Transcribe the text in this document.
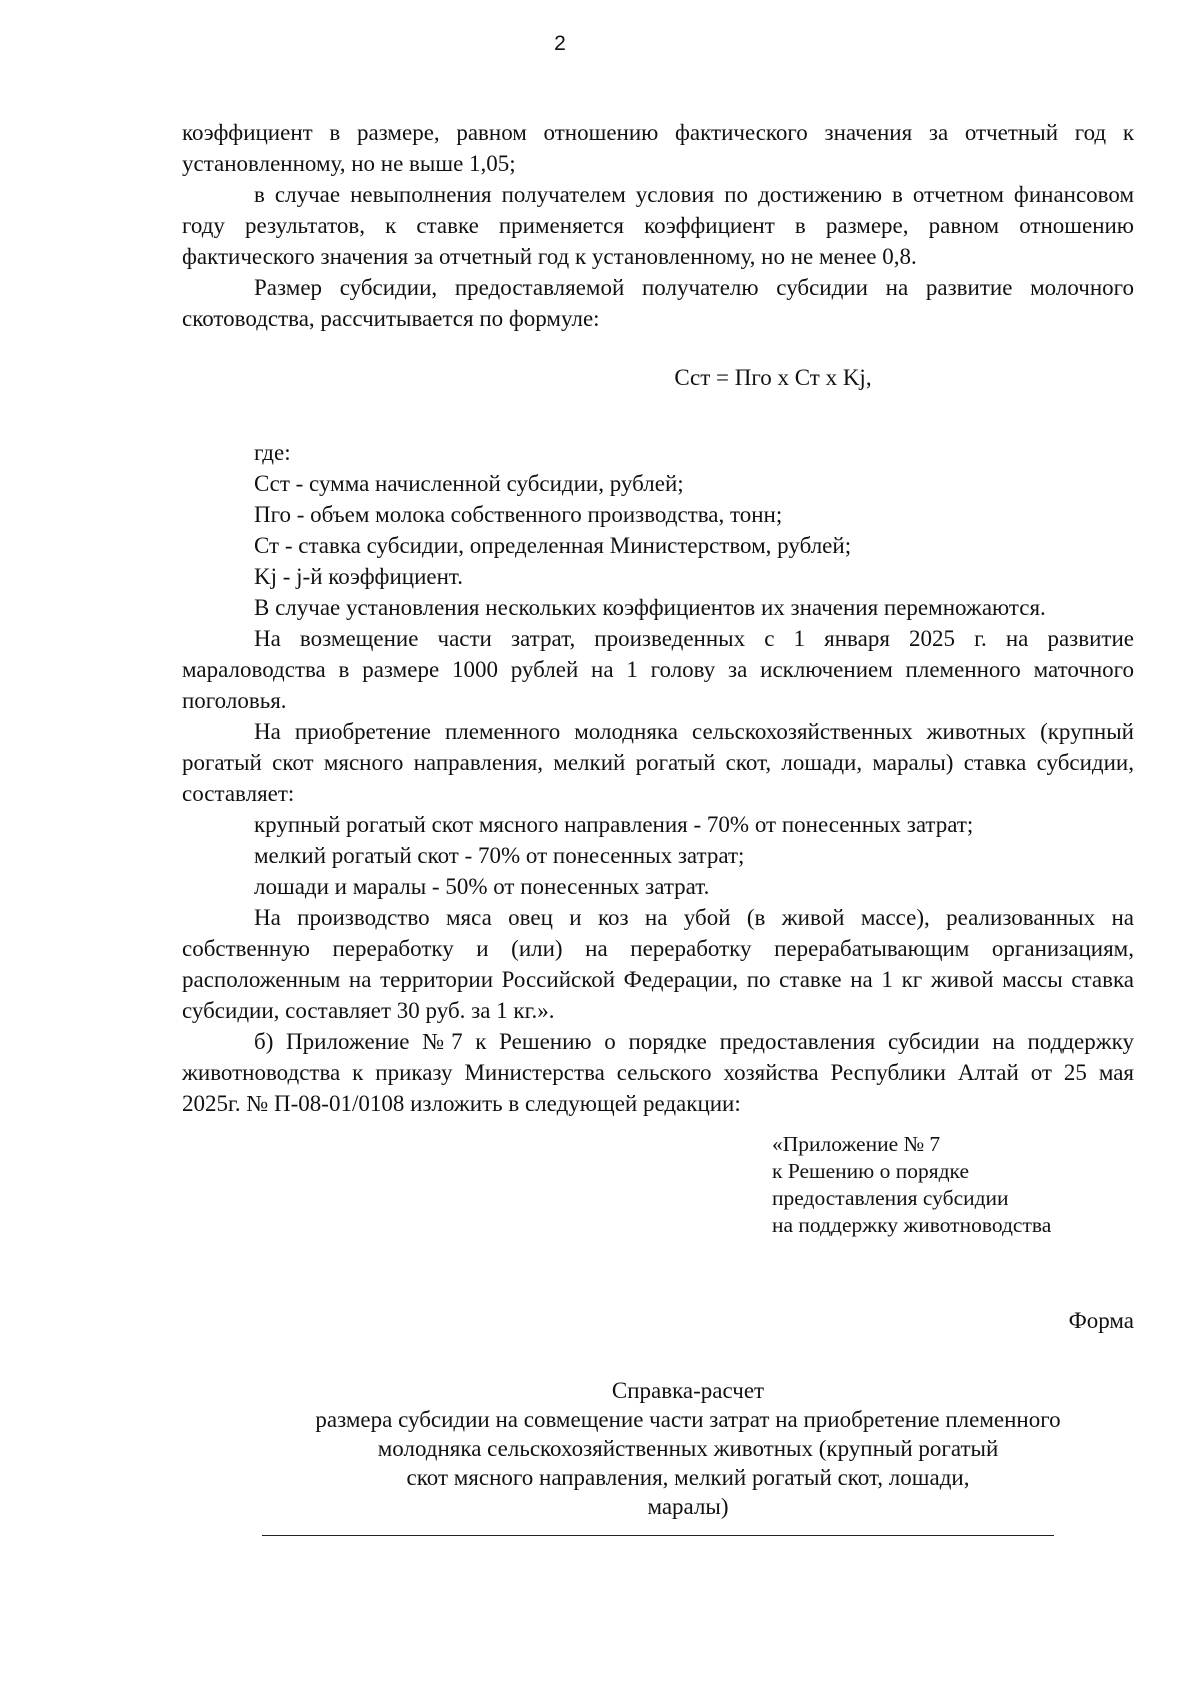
2

коэффициент в размере, равном отношению фактического значения за отчетный год к установленному, но не выше 1,05;

в случае невыполнения получателем условия по достижению в отчетном финансовом году результатов, к ставке применяется коэффициент в размере, равном отношению фактического значения за отчетный год к установленному, но не менее 0,8.

Размер субсидии, предоставляемой получателю субсидии на развитие молочного скотоводства, рассчитывается по формуле:

Сст = Пго х Ст х Kj,

где:

Сст - сумма начисленной субсидии, рублей;

Пго - объем молока собственного производства, тонн;

Ст - ставка субсидии, определенная Министерством, рублей;

Kj - j-й коэффициент.

В случае установления нескольких коэффициентов их значения перемножаются.

На возмещение части затрат, произведенных с 1 января 2025 г. на развитие мараловодства в размере 1000 рублей на 1 голову за исключением племенного маточного поголовья.

На приобретение племенного молодняка сельскохозяйственных животных (крупный рогатый скот мясного направления, мелкий рогатый скот, лошади, маралы) ставка субсидии, составляет:

крупный рогатый скот мясного направления - 70% от понесенных затрат;

мелкий рогатый скот - 70% от понесенных затрат;

лошади и маралы - 50% от понесенных затрат.

На производство мяса овец и коз на убой (в живой массе), реализованных на собственную переработку и (или) на переработку перерабатывающим организациям, расположенным на территории Российской Федерации, по ставке на 1 кг живой массы ставка субсидии, составляет 30 руб. за 1 кг.».

б) Приложение №7 к Решению о порядке предоставления субсидии на поддержку животноводства к приказу Министерства сельского хозяйства Республики Алтай от 25 мая 2025г. № П-08-01/0108 изложить в следующей редакции:

«Приложение № 7
к Решению о порядке
предоставления субсидии
на поддержку животноводства
Форма
Справка-расчет
размера субсидии на совмещение части затрат на приобретение племенного
молодняка сельскохозяйственных животных (крупный рогатый
скот мясного направления, мелкий рогатый скот, лошади,
маралы)
